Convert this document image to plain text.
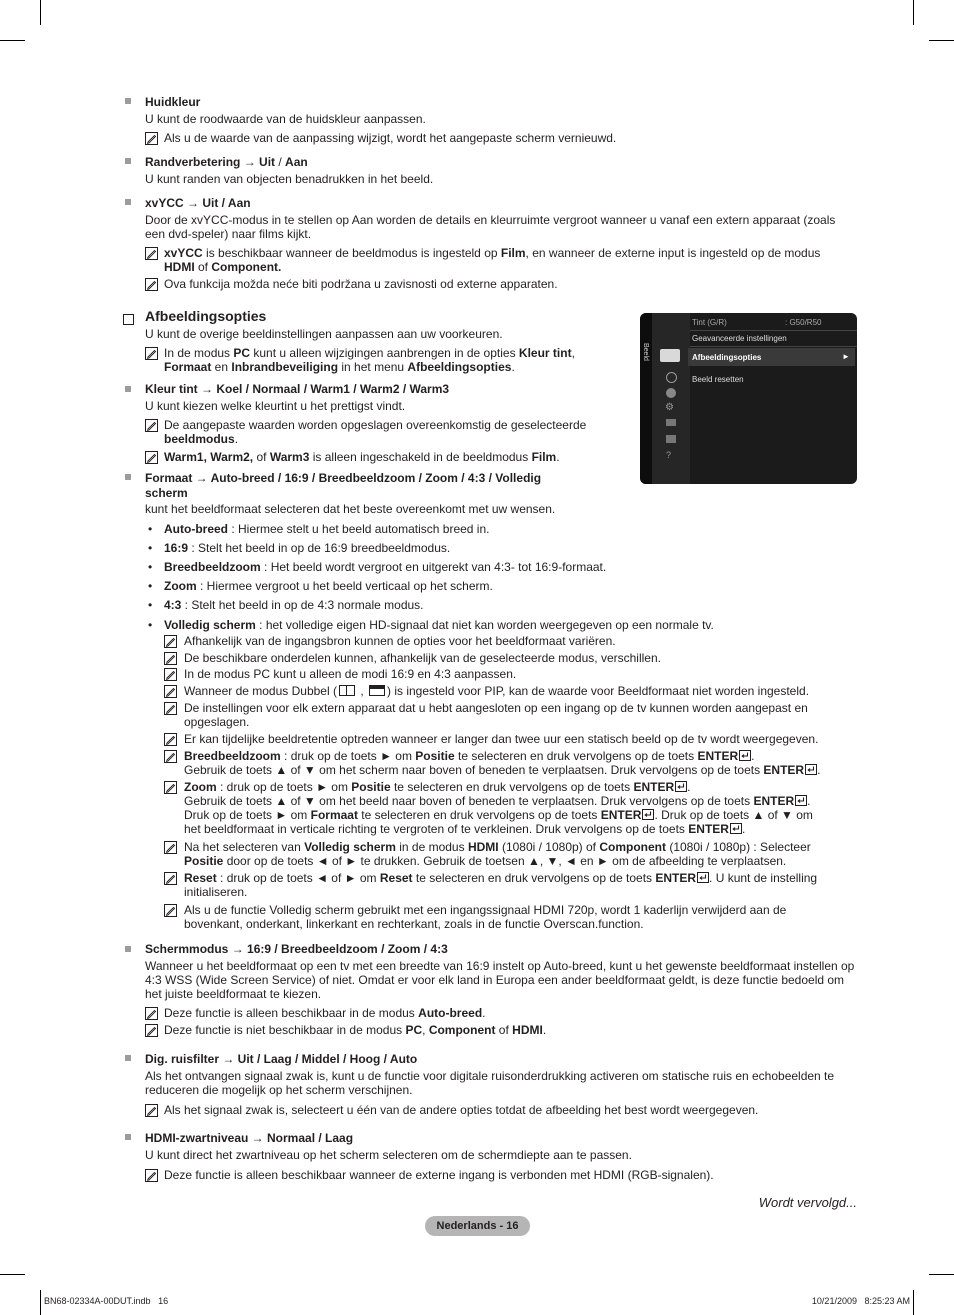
Huidkleur
U kunt de roodwaarde van de huidskleur aanpassen.
Als u de waarde van de aanpassing wijzigt, wordt het aangepaste scherm vernieuwd.
Randverbetering → Uit / Aan
U kunt randen van objecten benadrukken in het beeld.
xvYCC → Uit / Aan
Door de xvYCC-modus in te stellen op Aan worden de details en kleurruimte vergroot wanneer u vanaf een extern apparaat (zoals een dvd-speler) naar films kijkt.
xvYCC is beschikbaar wanneer de beeldmodus is ingesteld op Film, en wanneer de externe input is ingesteld op de modus
HDMI of Component.
Ova funkcija možda neće biti podržana u zavisnosti od externe apparaten.
Afbeeldingsopties
U kunt de overige beeldinstellingen aanpassen aan uw voorkeuren.
In de modus PC kunt u alleen wijzigingen aanbrengen in de opties Kleur tint,
Formaat en Inbrandbeveiliging in het menu Afbeeldingsopties.
Beeld
⚙
?
Tint (G/R)	: G50/R50
Geavanceerde instellingen
Afbeeldingsopties	►
Beeld resetten
Kleur tint → Koel / Normaal / Warm1 / Warm2 / Warm3
U kunt kiezen welke kleurtint u het prettigst vindt.
De aangepaste waarden worden opgeslagen overeenkomstig de geselecteerde
beeldmodus.
Warm1, Warm2, of Warm3 is alleen ingeschakeld in de beeldmodus Film.
Formaat → Auto-breed / 16:9 / Breedbeeldzoom / Zoom / 4:3 / Volledig
scherm
kunt het beeldformaat selecteren dat het beste overeenkomt met uw wensen.
• Auto-breed : Hiermee stelt u het beeld automatisch breed in.
• 16:9 : Stelt het beeld in op de 16:9 breedbeeldmodus.
• Breedbeeldzoom : Het beeld wordt vergroot en uitgerekt van 4:3- tot 16:9-formaat.
• Zoom : Hiermee vergroot u het beeld verticaal op het scherm.
• 4:3 : Stelt het beeld in op de 4:3 normale modus.
• Volledig scherm : het volledige eigen HD-signaal dat niet kan worden weergegeven op een normale tv.
Afhankelijk van de ingangsbron kunnen de opties voor het beeldformaat variëren.
De beschikbare onderdelen kunnen, afhankelijk van de geselecteerde modus, verschillen.
In de modus PC kunt u alleen de modi 16:9 en 4:3 aanpassen.
Wanneer de modus Dubbel (
,
) is ingesteld voor PIP, kan de waarde voor Beeldformaat niet worden ingesteld.
De instellingen voor elk extern apparaat dat u hebt aangesloten op een ingang op de tv kunnen worden aangepast en
opgeslagen.
Er kan tijdelijke beeldretentie optreden wanneer er langer dan twee uur een statisch beeld op de tv wordt weergegeven.
Breedbeeldzoom : druk op de toets ► om Positie te selecteren en druk vervolgens op de toets ENTER .
Gebruik de toets ▲ of ▼ om het scherm naar boven of beneden te verplaatsen. Druk vervolgens op de toets ENTER .
Zoom : druk op de toets ► om Positie te selecteren en druk vervolgens op de toets ENTER .
Gebruik de toets ▲ of ▼ om het beeld naar boven of beneden te verplaatsen. Druk vervolgens op de toets ENTER .
Druk op de toets ► om Formaat te selecteren en druk vervolgens op de toets ENTER . Druk op de toets ▲ of ▼ om
het beeldformaat in verticale richting te vergroten of te verkleinen. Druk vervolgens op de toets ENTER .
Na het selecteren van Volledig scherm in de modus HDMI (1080i / 1080p) of Component (1080i / 1080p) : Selecteer
Positie door op de toets ◄ of ► te drukken. Gebruik de toetsen ▲, ▼, ◄ en ► om de afbeelding te verplaatsen.
Reset : druk op de toets ◄ of ► om Reset te selecteren en druk vervolgens op de toets ENTER . U kunt de instelling
initialiseren.
Als u de functie Volledig scherm gebruikt met een ingangssignaal HDMI 720p, wordt 1 kaderlijn verwijderd aan de
bovenkant, onderkant, linkerkant en rechterkant, zoals in de functie Overscan.function.
Schermmodus → 16:9 / Breedbeeldzoom / Zoom / 4:3
Wanneer u het beeldformaat op een tv met een breedte van 16:9 instelt op Auto-breed, kunt u het gewenste beeldformaat instellen op 4:3 WSS (Wide Screen Service) of niet. Omdat er voor elk land in Europa een ander beeldformaat geldt, is deze functie bedoeld om het juiste beeldformaat te kiezen.
Deze functie is alleen beschikbaar in de modus Auto-breed.
Deze functie is niet beschikbaar in de modus PC, Component of HDMI.
Dig. ruisfilter → Uit / Laag / Middel / Hoog / Auto
Als het ontvangen signaal zwak is, kunt u de functie voor digitale ruisonderdrukking activeren om statische ruis en echobeelden te reduceren die mogelijk op het scherm verschijnen.
Als het signaal zwak is, selecteert u één van de andere opties totdat de afbeelding het best wordt weergegeven.
HDMI-zwartniveau → Normaal / Laag
U kunt direct het zwartniveau op het scherm selecteren om de schermdiepte aan te passen.
Deze functie is alleen beschikbaar wanneer de externe ingang is verbonden met HDMI (RGB-signalen).
Wordt vervolgd...
Nederlands - 16
BN68-02334A-00DUT.indb   16	10/21/2009   8:25:23 AM
